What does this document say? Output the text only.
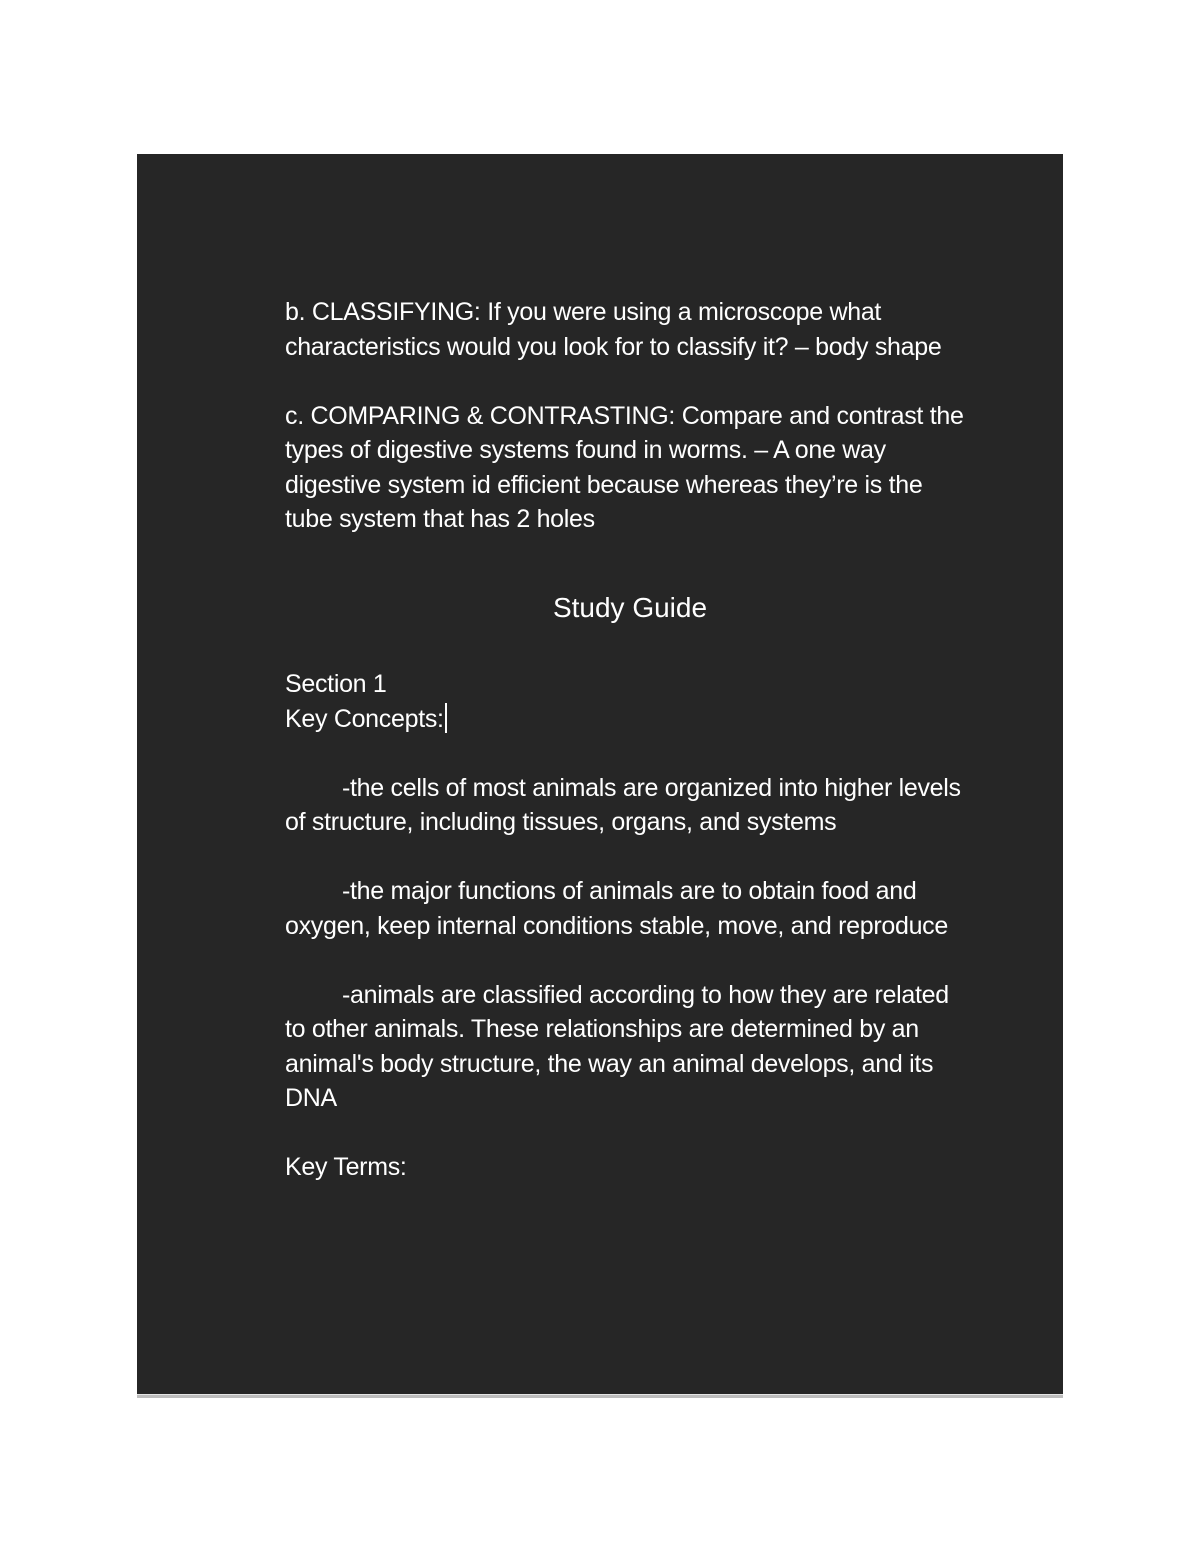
b. CLASSIFYING: If you were using a microscope what characteristics would you look for to classify it? – body shape

c. COMPARING & CONTRASTING: Compare and contrast the types of digestive systems found in worms. – A one way digestive system id efficient because whereas they’re is the tube system that has 2 holes

Study Guide

Section 1

Key Concepts:

-the cells of most animals are organized into higher levels of structure, including tissues, organs, and systems

-the major functions of animals are to obtain food and oxygen, keep internal conditions stable, move, and reproduce

-animals are classified according to how they are related to other animals. These relationships are determined by an animal's body structure, the way an animal develops, and its DNA

Key Terms:
